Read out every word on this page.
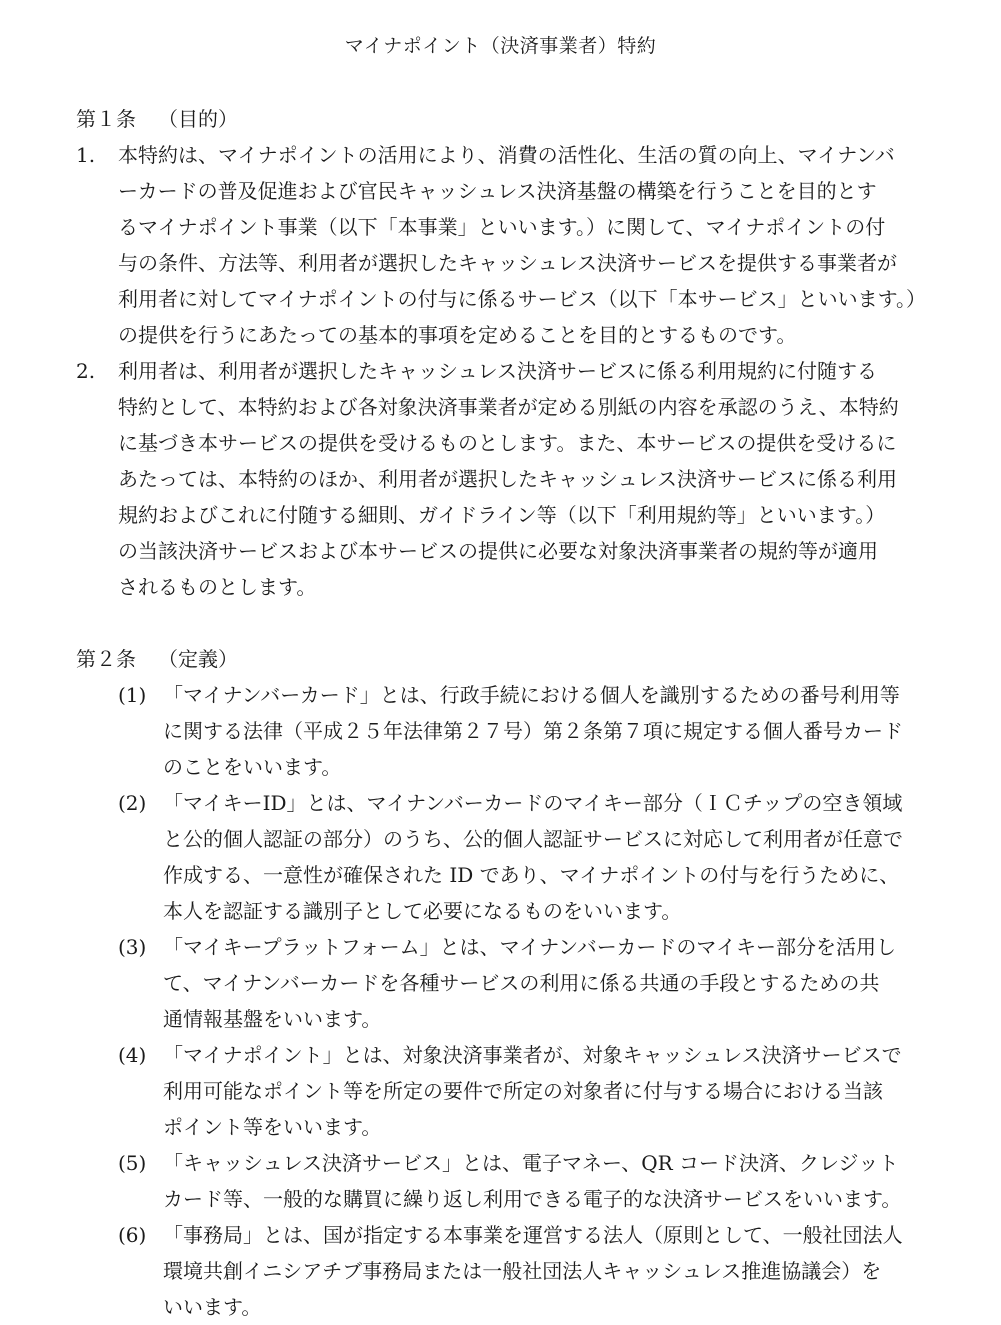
マイナポイント（決済事業者）特約
第１条 （目的）
1. 本特約は、マイナポイントの活用により、消費の活性化、生活の質の向上、マイナンバ
ーカードの普及促進および官民キャッシュレス決済基盤の構築を行うことを目的とす
るマイナポイント事業（以下「本事業」といいます。）に関して、マイナポイントの付
与の条件、方法等、利用者が選択したキャッシュレス決済サービスを提供する事業者が
利用者に対してマイナポイントの付与に係るサービス（以下「本サービス」といいます。）
の提供を行うにあたっての基本的事項を定めることを目的とするものです。
2. 利用者は、利用者が選択したキャッシュレス決済サービスに係る利用規約に付随する
特約として、本特約および各対象決済事業者が定める別紙の内容を承認のうえ、本特約
に基づき本サービスの提供を受けるものとします。また、本サービスの提供を受けるに
あたっては、本特約のほか、利用者が選択したキャッシュレス決済サービスに係る利用
規約およびこれに付随する細則、ガイドライン等（以下「利用規約等」といいます。）
の当該決済サービスおよび本サービスの提供に必要な対象決済事業者の規約等が適用
されるものとします。
第２条 （定義）
(1) 「マイナンバーカード」とは、行政手続における個人を識別するための番号利用等
に関する法律（平成２５年法律第２７号）第２条第７項に規定する個人番号カード
のことをいいます。
(2) 「マイキーID」とは、マイナンバーカードのマイキー部分（ＩＣチップの空き領域
と公的個人認証の部分）のうち、公的個人認証サービスに対応して利用者が任意で
作成する、一意性が確保された ID であり、マイナポイントの付与を行うために、
本人を認証する識別子として必要になるものをいいます。
(3) 「マイキープラットフォーム」とは、マイナンバーカードのマイキー部分を活用し
て、マイナンバーカードを各種サービスの利用に係る共通の手段とするための共
通情報基盤をいいます。
(4) 「マイナポイント」とは、対象決済事業者が、対象キャッシュレス決済サービスで
利用可能なポイント等を所定の要件で所定の対象者に付与する場合における当該
ポイント等をいいます。
(5) 「キャッシュレス決済サービス」とは、電子マネー、QR コード決済、クレジット
カード等、一般的な購買に繰り返し利用できる電子的な決済サービスをいいます。
(6) 「事務局」とは、国が指定する本事業を運営する法人（原則として、一般社団法人
環境共創イニシアチブ事務局または一般社団法人キャッシュレス推進協議会）を
いいます。
